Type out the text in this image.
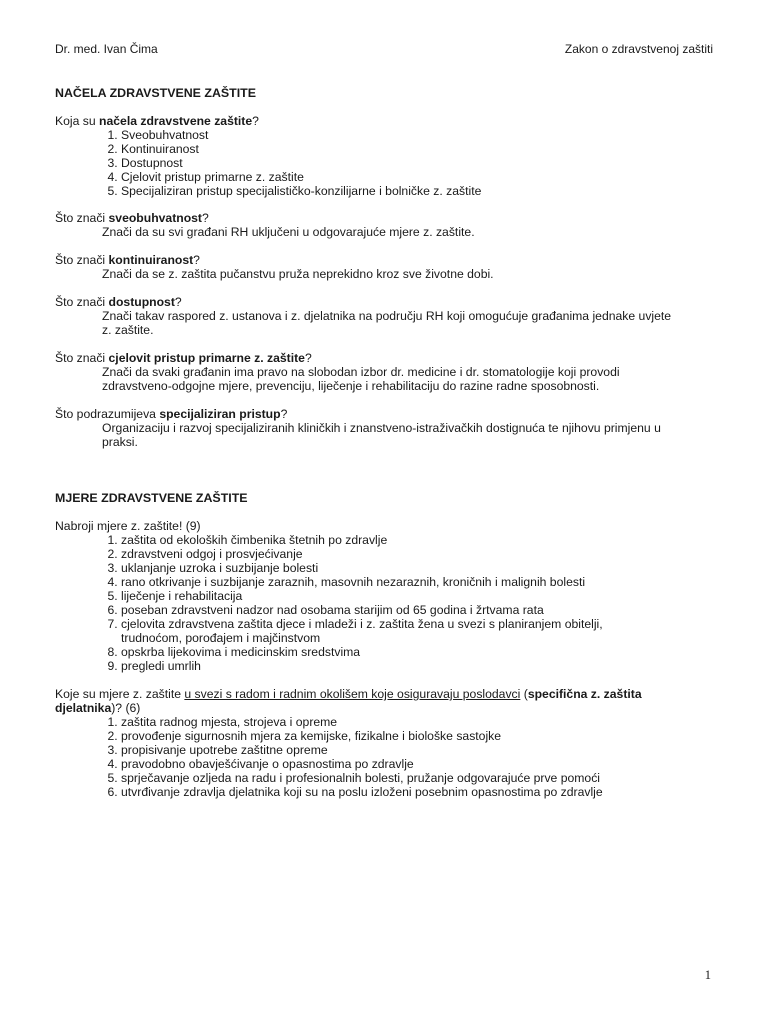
Dr. med. Ivan Čima	Zakon o zdravstvenoj zaštiti
NAČELA ZDRAVSTVENE ZAŠTITE
Koja su načela zdravstvene zaštite?
1. Sveobuhvatnost
2. Kontinuiranost
3. Dostupnost
4. Cjelovit pristup primarne z. zaštite
5. Specijaliziran pristup specijalističko-konzilijarne i bolničke z. zaštite
Što znači sveobuhvatnost?
Znači da su svi građani RH uključeni u odgovarajuće mjere z. zaštite.
Što znači kontinuiranost?
Znači da se z. zaštita pučanstvu pruža neprekidno kroz sve životne dobi.
Što znači dostupnost?
Znači takav raspored z. ustanova i z. djelatnika na području RH koji omogućuje građanima jednake uvjete
z. zaštite.
Što znači cjelovit pristup primarne z. zaštite?
Znači da svaki građanin ima pravo na slobodan izbor dr. medicine i dr. stomatologije koji provodi
zdravstveno-odgojne mjere, prevenciju, liječenje i rehabilitaciju do razine radne sposobnosti.
Što podrazumijeva specijaliziran pristup?
Organizaciju i razvoj specijaliziranih kliničkih i znanstveno-istraživačkih dostignuća te njihovu primjenu u
praksi.
MJERE ZDRAVSTVENE ZAŠTITE
Nabroji mjere z. zaštite! (9)
1. zaštita od ekoloških čimbenika štetnih po zdravlje
2. zdravstveni odgoj i prosvjećivanje
3. uklanjanje uzroka i suzbijanje bolesti
4. rano otkrivanje i suzbijanje zaraznih, masovnih nezaraznih, kroničnih i malignih bolesti
5. liječenje i rehabilitacija
6. poseban zdravstveni nadzor nad osobama starijim od 65 godina i žrtvama rata
7. cjelovita zdravstvena zaštita djece i mladeži i z. zaštita žena u svezi s planiranjem obitelji, trudnoćom, porođajem i majčinstvom
8. opskrba lijekovima i medicinskim sredstvima
9. pregledi umrlih
Koje su mjere z. zaštite u svezi s radom i radnim okolišem koje osiguravaju poslodavci (specifična z. zaštita djelatnika)? (6)
1. zaštita radnog mjesta, strojeva i opreme
2. provođenje sigurnosnih mjera za kemijske, fizikalne i biološke sastojke
3. propisivanje upotrebe zaštitne opreme
4. pravodobno obavješćivanje o opasnostima po zdravlje
5. sprječavanje ozljeda na radu i profesionalnih bolesti, pružanje odgovarajuće prve pomoći
6. utvrđivanje zdravlja djelatnika koji su na poslu izloženi posebnim opasnostima po zdravlje
1
